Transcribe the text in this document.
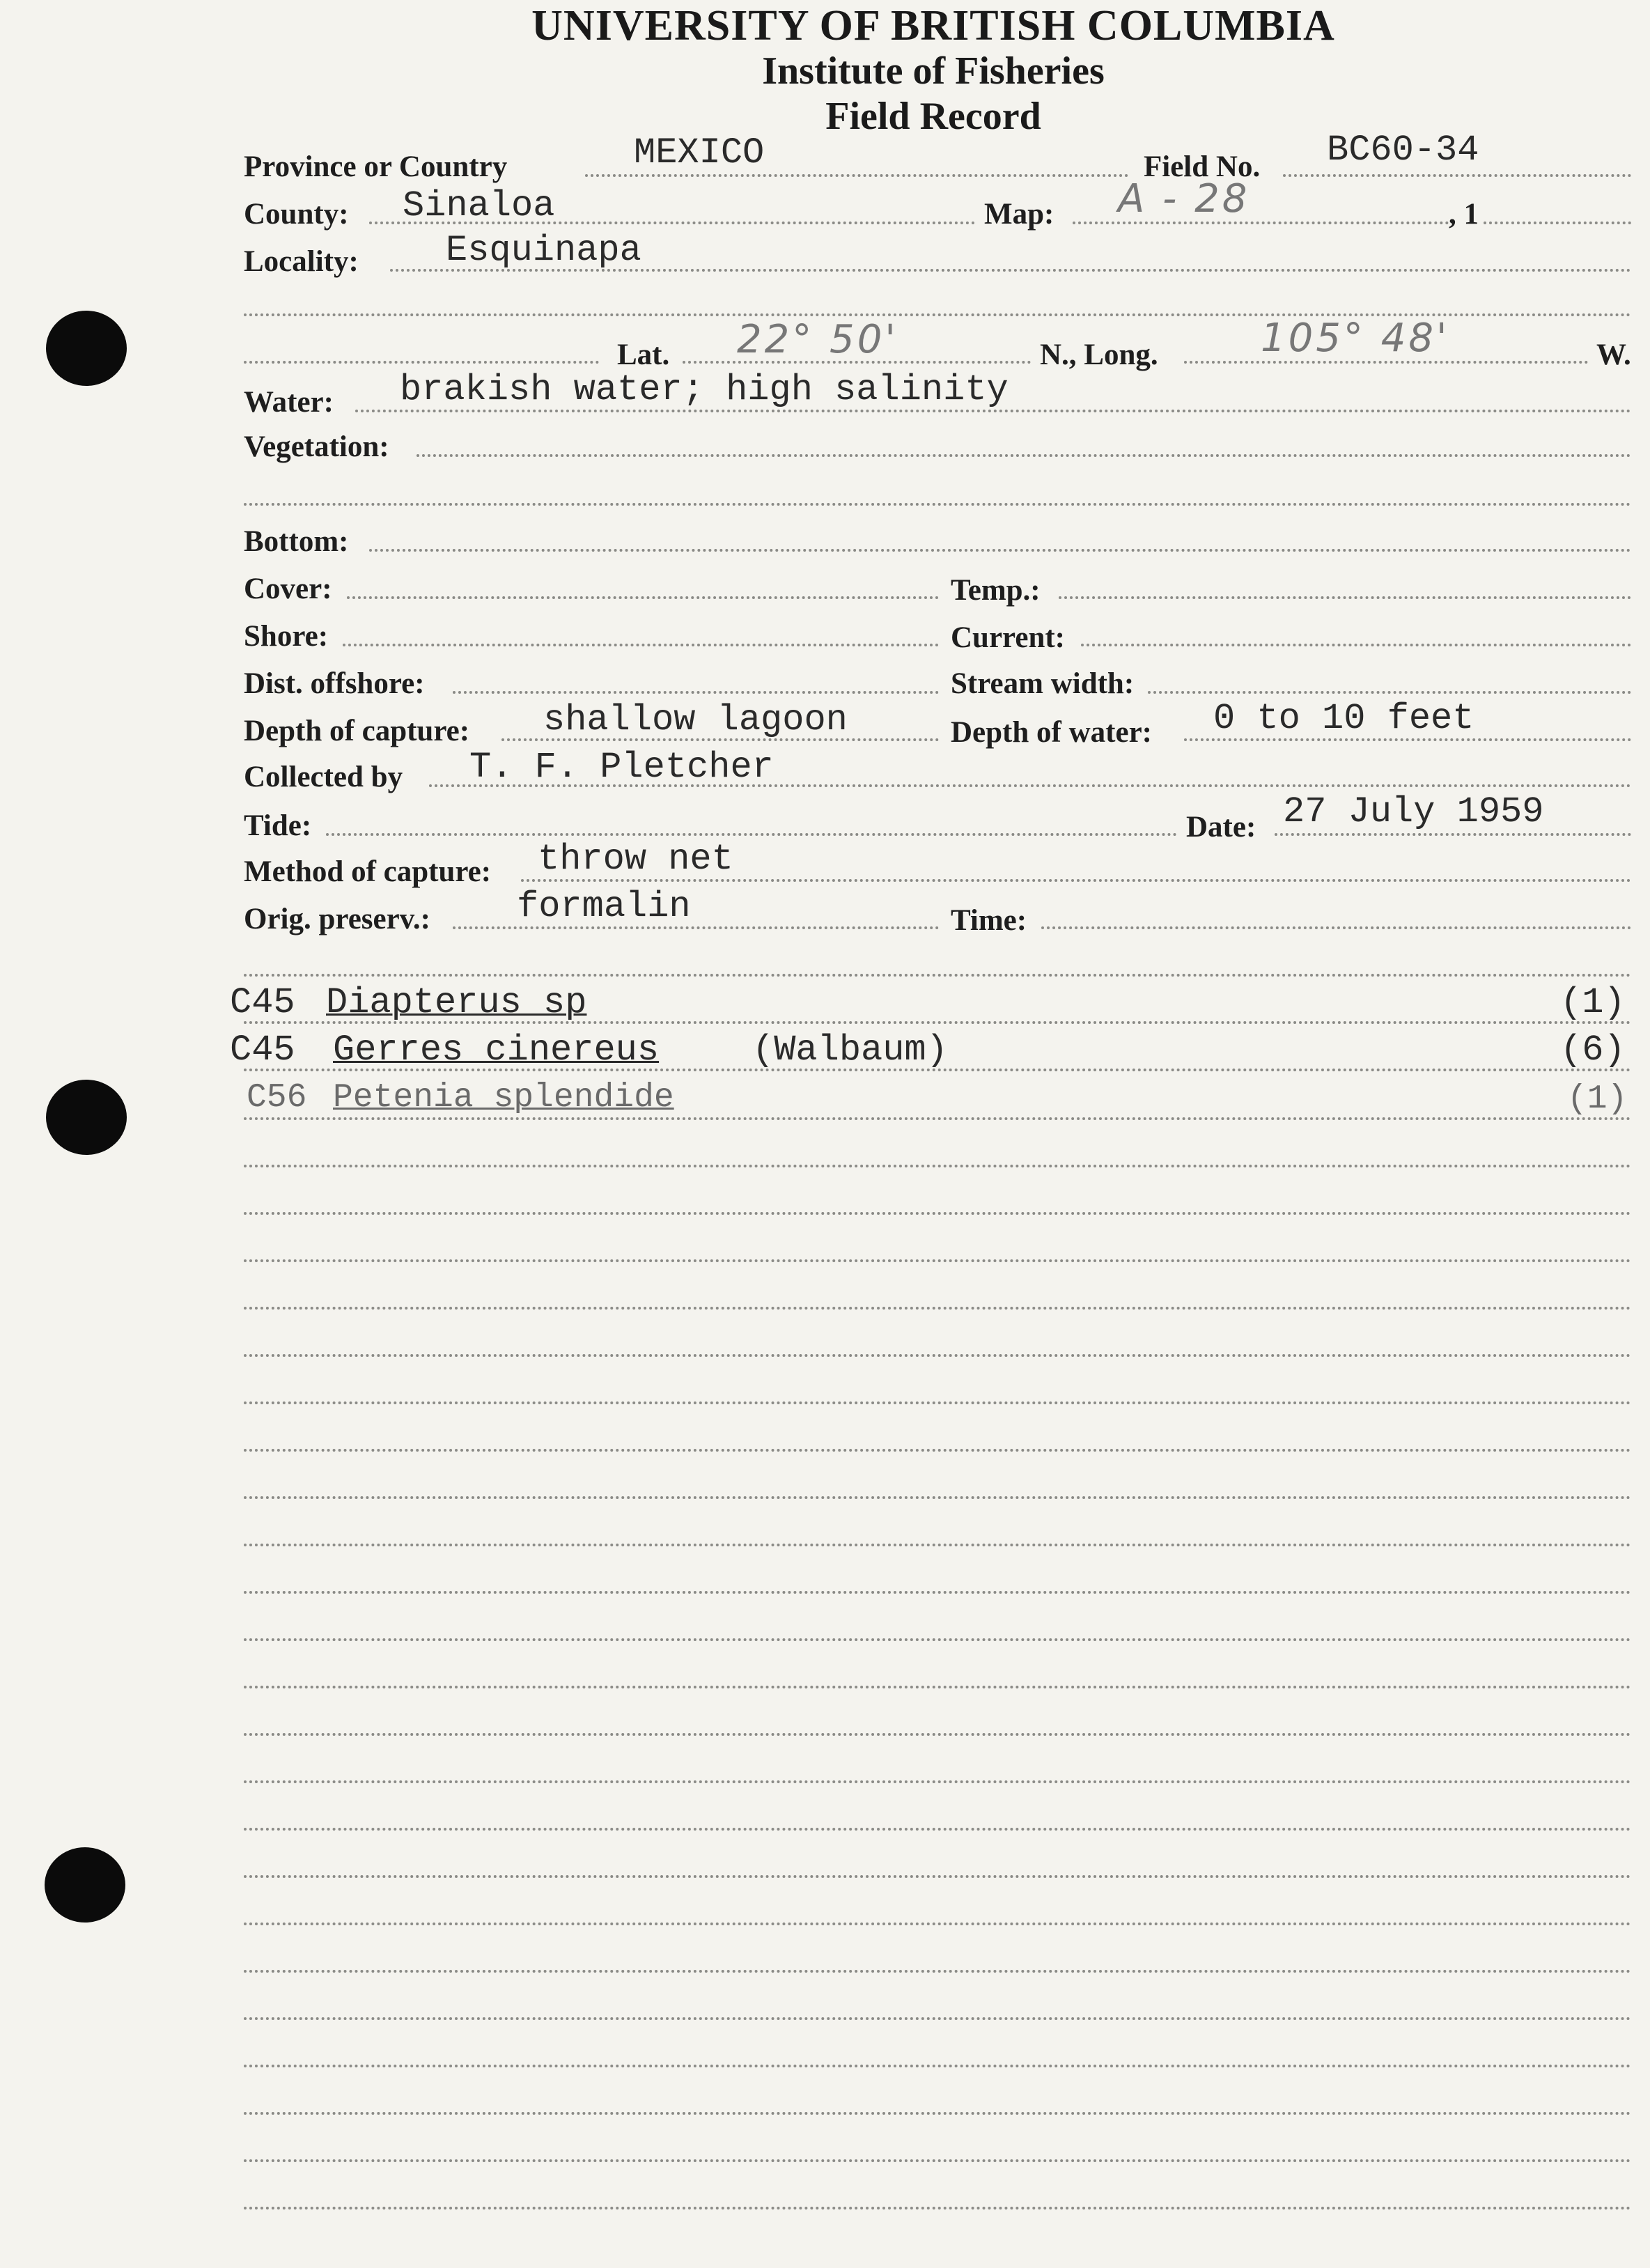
UNIVERSITY OF BRITISH COLUMBIA
Institute of Fisheries
Field Record
Province or Country	MEXICO	Field No. BC60-34
County: Sinaloa	Map: A - 28	, 1
Locality: Esquinapa
Lat. 22° 50'	N., Long.	105° 48'	W.
Water: brakish water; high salinity
Vegetation:
Bottom:
Cover:	Temp.:
Shore:	Current:
Dist. offshore:	Stream width:
Depth of capture: shallow lagoon	Depth of water: 0 to 10 feet
Collected by T. F. Pletcher
Tide:	Date: 27 July 1959
Method of capture: throw net
Orig. preserv.: formalin	Time:
C45 Diapterus sp	(1)
C45 Gerres cinereus	(Walbaum)	(6)
C56 Petenia splendide	(1)
